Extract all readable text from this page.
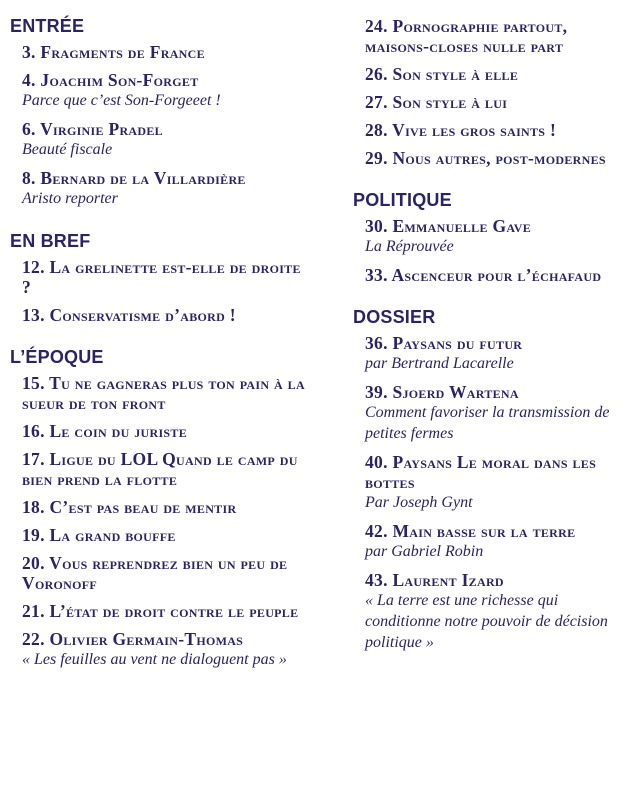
ENTRÉE
3. Fragments de France
4. Joachim Son-Forget
Parce que c’est Son-Forgeeet !
6. Virginie Pradel
Beauté fiscale
8. Bernard de la Villardière
Aristo reporter
EN BREF
12. La grelinette est-elle de droite ?
13. Conservatisme d’abord !
L’ÉPOQUE
15. Tu ne gagneras plus ton pain à la sueur de ton front
16. Le coin du juriste
17. Ligue du LOL Quand le camp du bien prend la flotte
18. C’est pas beau de mentir
19. La grand bouffe
20. Vous reprendrez bien un peu de Voronoff
21. L’état de droit contre le peuple
22. Olivier Germain-Thomas
« Les feuilles au vent ne dialoguent pas »
24. Pornographie partout, maisons-closes nulle part
26. Son style à elle
27. Son style à lui
28. Vive les gros saints !
29. Nous autres, post-modernes
POLITIQUE
30. Emmanuelle Gave
La Réprouvée
33. Ascenceur pour l’échafaud
DOSSIER
36. Paysans du futur
par Bertrand Lacarelle
39. Sjoerd Wartena
Comment favoriser la transmission de petites fermes
40. Paysans Le moral dans les bottes
Par Joseph Gynt
42. Main basse sur la terre
par Gabriel Robin
43. Laurent Izard
« La terre est une richesse qui conditionne notre pouvoir de décision politique »
